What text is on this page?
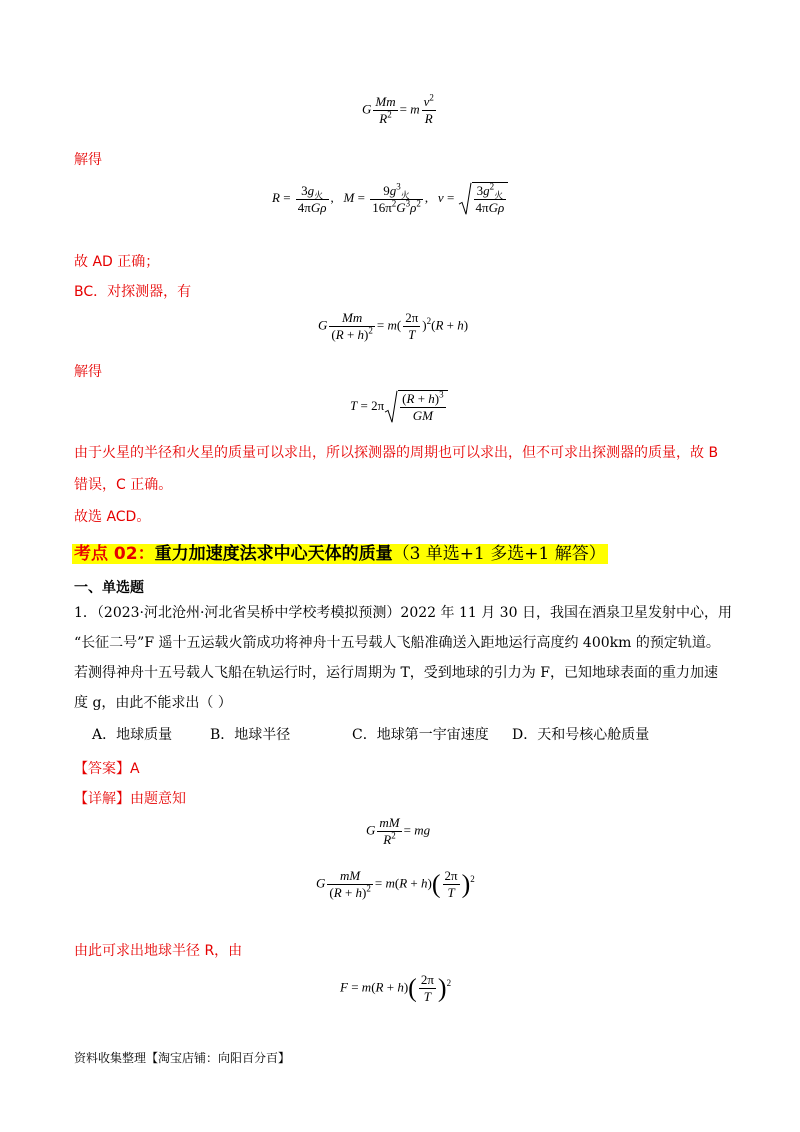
G $\frac{Mm}{R^2} = m \frac{v^2}{R}$
解得
$R = \frac{3g_火}{\text{4πGρ}}$ ,   $M = \frac{9g^3_火}{16\pi^2G^3\rho^2}$ ,   $v = \frac{3g^2_火}{\text{4πGρ}}$
故 AD 正确；
BC．对探测器，有
G $\frac{Mm}{(R + h)^2} = m( \frac{2\pi}{T} )^2(R + h)$
解得
$T = 2\pi \frac{(R + h)^3}{GM}$
由于火星的半径和火星的质量可以求出，所以探测器的周期也可以求出，但不可求出探测器的质量，故 B
错误，C 正确。
故选 ACD。
考点 02：重力加速度法求中心天体的质量（3 单选+1 多选+1 解答）
一、单选题
1．（2023·河北沧州·河北省吴桥中学校考模拟预测）2022 年 11 月 30 日，我国在酒泉卫星发射中心，用
“长征二号”F 遥十五运载火箭成功将神舟十五号载人飞船准确送入距地运行高度约 400km 的预定轨道。
若测得神舟十五号载人飞船在轨运行时，运行周期为 T，受到地球的引力为 F，已知地球表面的重力加速
度 g，由此不能求出（ ）
A．地球质量	B．地球半径	C．地球第一宇宙速度 D．天和号核心舱质量
【答案】A
【详解】由题意知
G $\frac{mM}{R^2}$ = mg
G $\frac{mM}{(R + h)^2} = m(R + h)( \frac{2\pi}{T} )^2$
由此可求出地球半径 R，由
$F = m(R + h)( \frac{2\pi}{T} )^2$
资料收集整理【淘宝店铺：向阳百分百】
